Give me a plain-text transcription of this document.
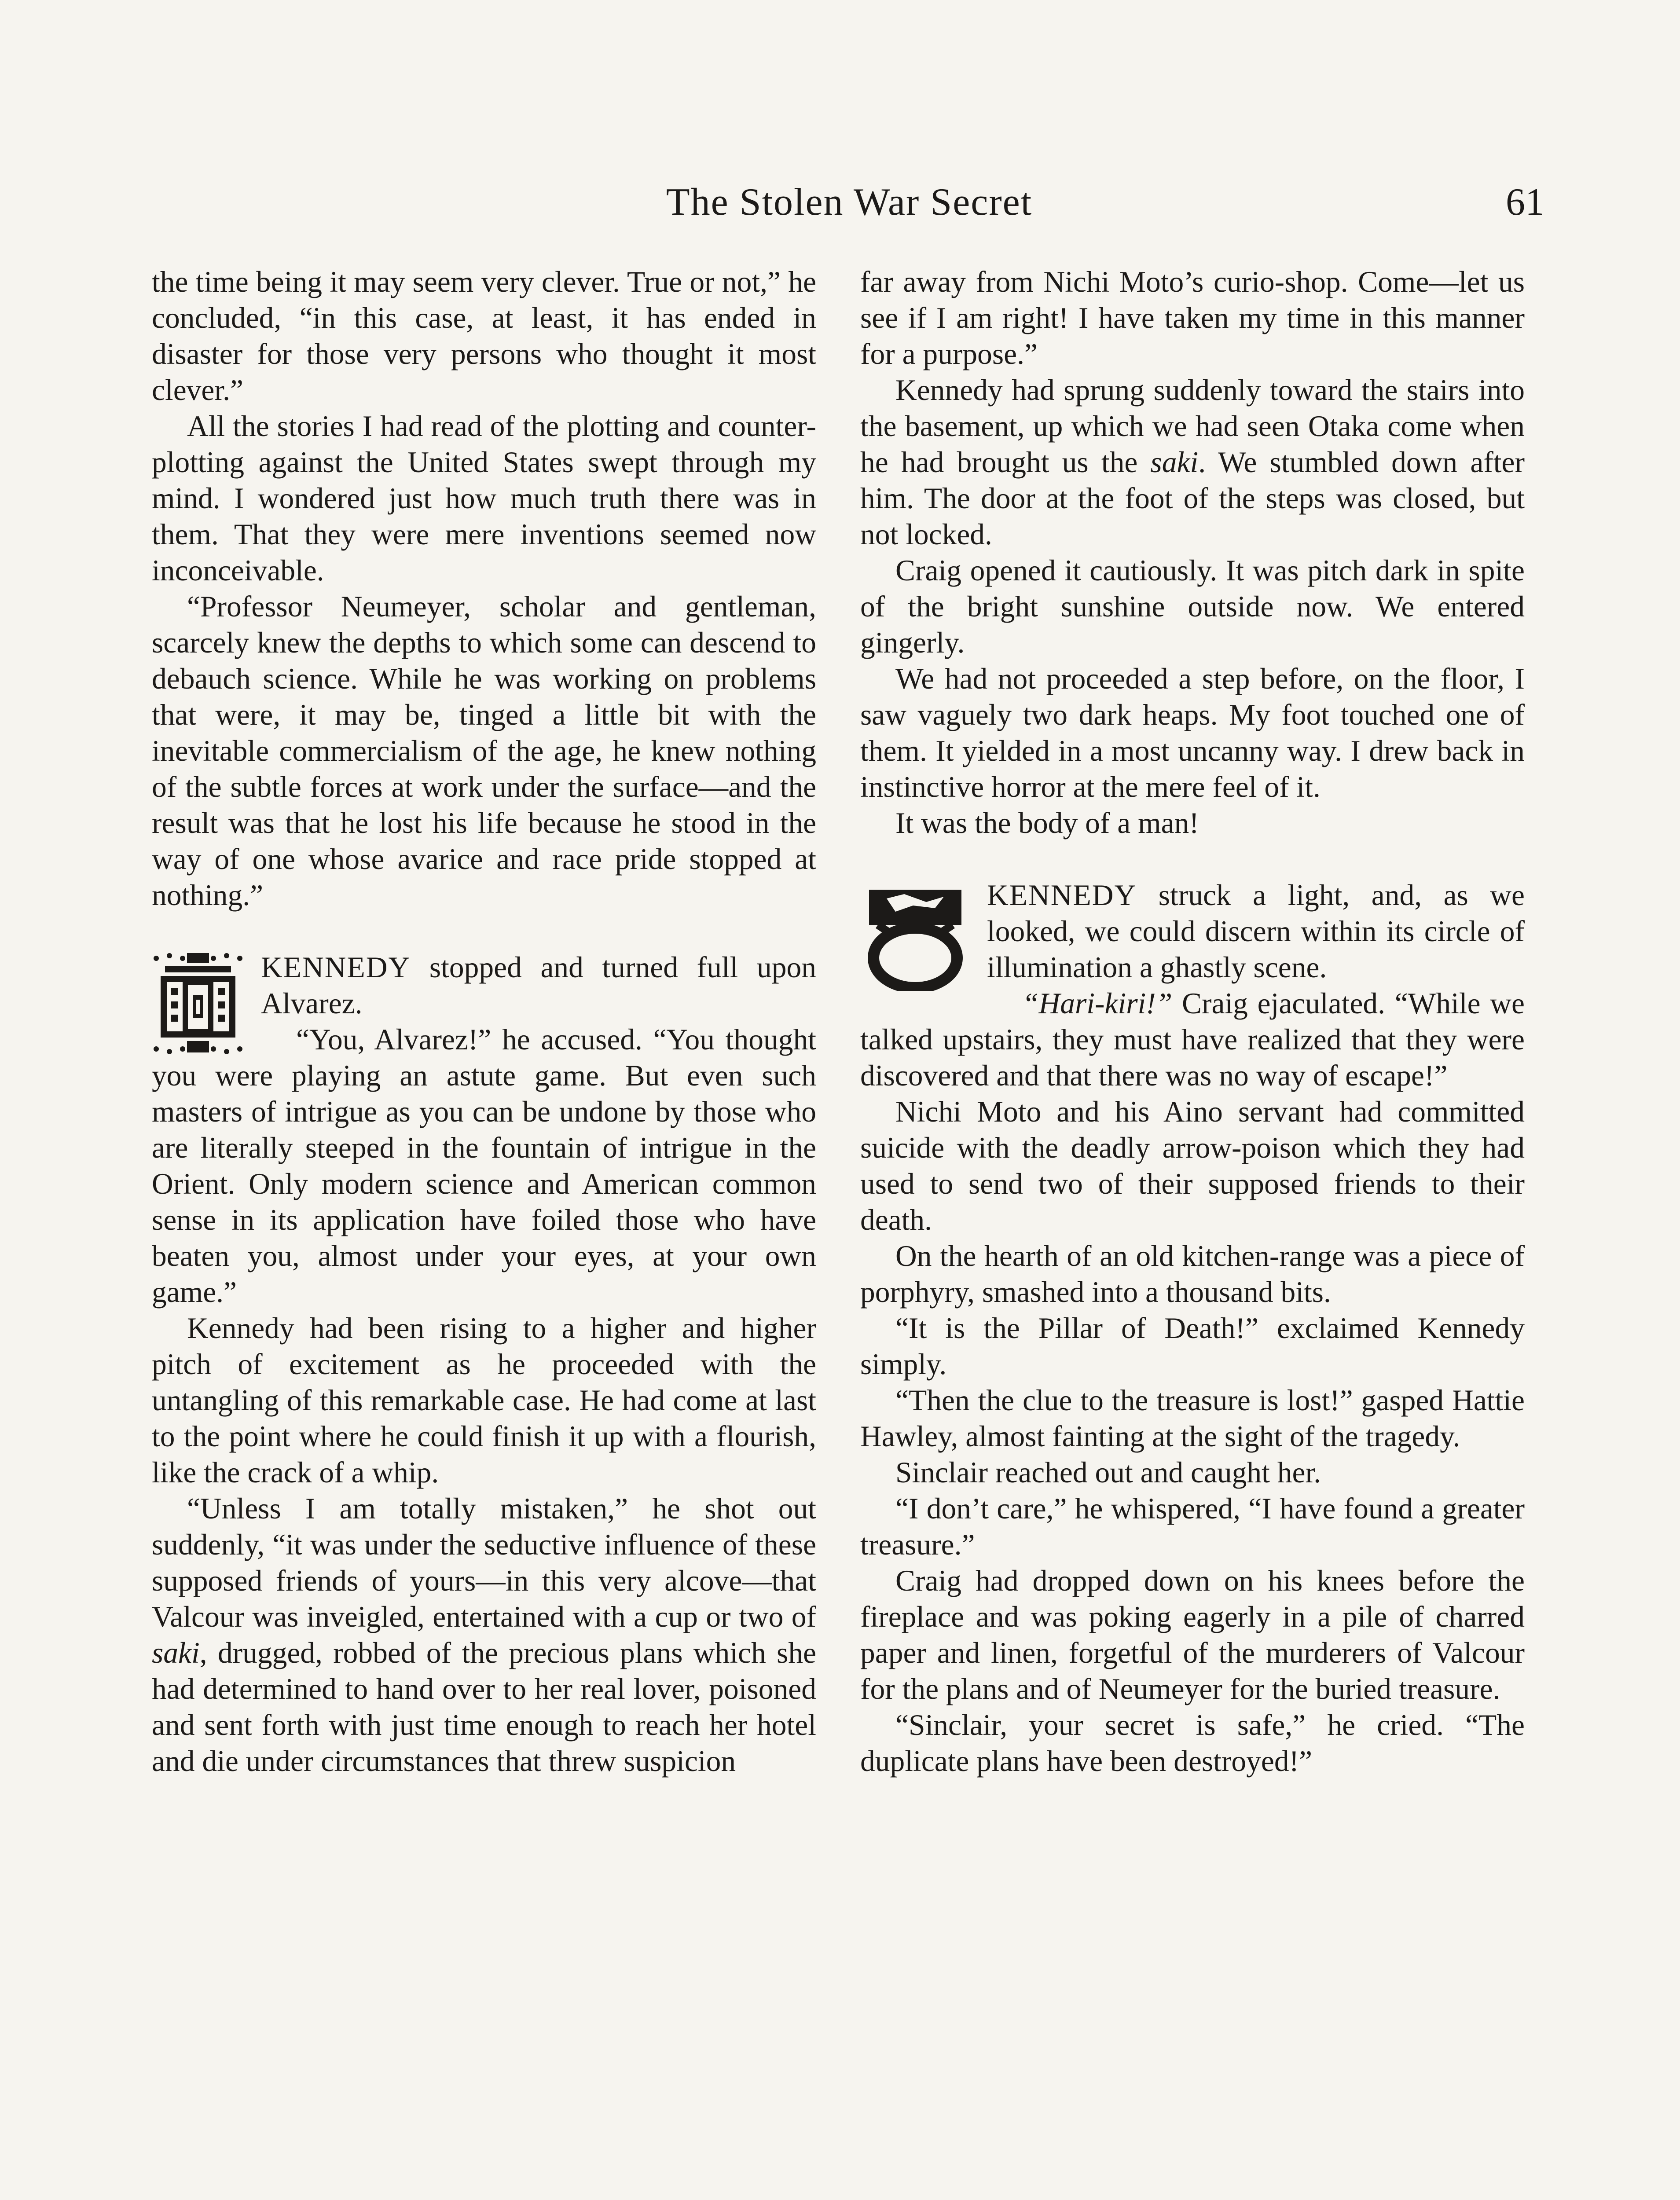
The Stolen War Secret	61

the time being it may seem very clever. True or not,” he concluded, “in this case, at least, it has ended in disaster for those very persons who thought it most clever.”

All the stories I had read of the plotting and counter-plotting against the United States swept through my mind. I wondered just how much truth there was in them. That they were mere inventions seemed now inconceivable.

“Professor Neumeyer, scholar and gentleman, scarcely knew the depths to which some can descend to debauch science. While he was working on problems that were, it may be, tinged a little bit with the inevitable commercialism of the age, he knew nothing of the subtle forces at work under the surface—and the result was that he lost his life because he stood in the way of one whose avarice and race pride stopped at nothing.”

KENNEDY stopped and turned full upon Alvarez.

“You, Alvarez!” he accused. “You thought you were playing an astute game. But even such masters of intrigue as you can be undone by those who are literally steeped in the fountain of intrigue in the Orient. Only modern science and American common sense in its application have foiled those who have beaten you, almost under your eyes, at your own game.”

Kennedy had been rising to a higher and higher pitch of excitement as he proceeded with the untangling of this remarkable case. He had come at last to the point where he could finish it up with a flourish, like the crack of a whip.

“Unless I am totally mistaken,” he shot out suddenly, “it was under the seductive influence of these supposed friends of yours—in this very alcove—that Valcour was inveigled, entertained with a cup or two of saki, drugged, robbed of the precious plans which she had determined to hand over to her real lover, poisoned and sent forth with just time enough to reach her hotel and die under circumstances that threw suspicion

far away from Nichi Moto’s curio-shop. Come—let us see if I am right! I have taken my time in this manner for a purpose.”

Kennedy had sprung suddenly toward the stairs into the basement, up which we had seen Otaka come when he had brought us the saki. We stumbled down after him. The door at the foot of the steps was closed, but not locked.

Craig opened it cautiously. It was pitch dark in spite of the bright sunshine outside now. We entered gingerly.

We had not proceeded a step before, on the floor, I saw vaguely two dark heaps. My foot touched one of them. It yielded in a most uncanny way. I drew back in instinctive horror at the mere feel of it.

It was the body of a man!

KENNEDY struck a light, and, as we looked, we could discern within its circle of illumination a ghastly scene.

“Hari-kiri!” Craig ejaculated. “While we talked upstairs, they must have realized that they were discovered and that there was no way of escape!”

Nichi Moto and his Aino servant had committed suicide with the deadly arrow-poison which they had used to send two of their supposed friends to their death.

On the hearth of an old kitchen-range was a piece of porphyry, smashed into a thousand bits.

“It is the Pillar of Death!” exclaimed Kennedy simply.

“Then the clue to the treasure is lost!” gasped Hattie Hawley, almost fainting at the sight of the tragedy.

Sinclair reached out and caught her.

“I don’t care,” he whispered, “I have found a greater treasure.”

Craig had dropped down on his knees before the fireplace and was poking eagerly in a pile of charred paper and linen, forgetful of the murderers of Valcour for the plans and of Neumeyer for the buried treasure.

“Sinclair, your secret is safe,” he cried. “The duplicate plans have been destroyed!”
